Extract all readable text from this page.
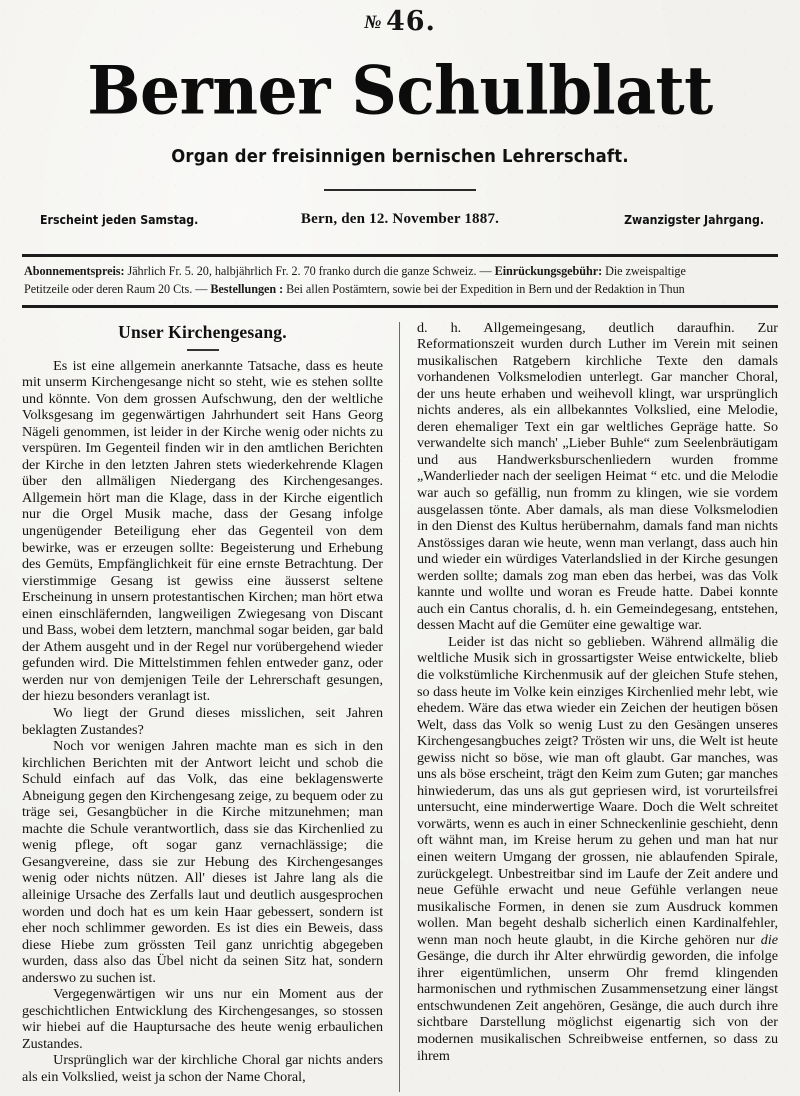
№ 46.
Berner Schulblatt
Organ der freisinnigen bernischen Lehrerschaft.
Erscheint jeden Samstag.	Bern, den 12. November 1887.	Zwanzigster Jahrgang.
Abonnementspreis: Jährlich Fr. 5. 20, halbjährlich Fr. 2. 70 franko durch die ganze Schweiz. — Einrückungsgebühr: Die zweispaltige
Petitzeile oder deren Raum 20 Cts. — Bestellungen : Bei allen Postämtern, sowie bei der Expedition in Bern und der Redaktion in Thun
Unser Kirchengesang.

Es ist eine allgemein anerkannte Tatsache, dass es heute mit unserm Kirchengesange nicht so steht, wie es stehen sollte und könnte. Von dem grossen Aufschwung, den der weltliche Volksgesang im gegenwärtigen Jahrhundert seit Hans Georg Nägeli genommen, ist leider in der Kirche wenig oder nichts zu verspüren. Im Gegenteil finden wir in den amtlichen Berichten der Kirche in den letzten Jahren stets wiederkehrende Klagen über den allmäligen Niedergang des Kirchengesanges. Allgemein hört man die Klage, dass in der Kirche eigentlich nur die Orgel Musik mache, dass der Gesang infolge ungenügender Beteiligung eher das Gegenteil von dem bewirke, was er erzeugen sollte: Begeisterung und Erhebung des Gemüts, Empfänglichkeit für eine ernste Betrachtung. Der vierstimmige Gesang ist gewiss eine äusserst seltene Erscheinung in unsern protestantischen Kirchen; man hört etwa einen einschläfernden, langweiligen Zwiegesang von Discant und Bass, wobei dem letztern, manchmal sogar beiden, gar bald der Athem ausgeht und in der Regel nur vorübergehend wieder gefunden wird. Die Mittelstimmen fehlen entweder ganz, oder werden nur von demjenigen Teile der Lehrerschaft gesungen, der hiezu besonders veranlagt ist.

Wo liegt der Grund dieses misslichen, seit Jahren beklagten Zustandes?

Noch vor wenigen Jahren machte man es sich in den kirchlichen Berichten mit der Antwort leicht und schob die Schuld einfach auf das Volk, das eine beklagenswerte Abneigung gegen den Kirchengesang zeige, zu bequem oder zu träge sei, Gesangbücher in die Kirche mitzunehmen; man machte die Schule verantwortlich, dass sie das Kirchenlied zu wenig pflege, oft sogar ganz vernachlässige; die Gesangvereine, dass sie zur Hebung des Kirchengesanges wenig oder nichts nützen. All' dieses ist Jahre lang als die alleinige Ursache des Zerfalls laut und deutlich ausgesprochen worden und doch hat es um kein Haar gebessert, sondern ist eher noch schlimmer geworden. Es ist dies ein Beweis, dass diese Hiebe zum grössten Teil ganz unrichtig abgegeben wurden, dass also das Übel nicht da seinen Sitz hat, sondern anderswo zu suchen ist.

Vergegenwärtigen wir uns nur ein Moment aus der geschichtlichen Entwicklung des Kirchengesanges, so stossen wir hiebei auf die Hauptursache des heute wenig erbaulichen Zustandes.

Ursprünglich war der kirchliche Choral gar nichts anders als ein Volkslied, weist ja schon der Name Choral,

d. h. Allgemeingesang, deutlich daraufhin. Zur Reformationszeit wurden durch Luther im Verein mit seinen musikalischen Ratgebern kirchliche Texte den damals vorhandenen Volksmelodien unterlegt. Gar mancher Choral, der uns heute erhaben und weihevoll klingt, war ursprünglich nichts anderes, als ein allbekanntes Volkslied, eine Melodie, deren ehemaliger Text ein gar weltliches Gepräge hatte. So verwandelte sich manch' „Lieber Buhle“ zum Seelenbräutigam und aus Handwerksburschenliedern wurden fromme „Wanderlieder nach der seeligen Heimat “ etc. und die Melodie war auch so gefällig, nun fromm zu klingen, wie sie vordem ausgelassen tönte. Aber damals, als man diese Volksmelodien in den Dienst des Kultus herübernahm, damals fand man nichts Anstössiges daran wie heute, wenn man verlangt, dass auch hin und wieder ein würdiges Vaterlandslied in der Kirche gesungen werden sollte; damals zog man eben das herbei, was das Volk kannte und wollte und woran es Freude hatte. Dabei konnte auch ein Cantus choralis, d. h. ein Gemeindegesang, entstehen, dessen Macht auf die Gemüter eine gewaltige war.

Leider ist das nicht so geblieben. Während allmälig die weltliche Musik sich in grossartigster Weise entwickelte, blieb die volkstümliche Kirchenmusik auf der gleichen Stufe stehen, so dass heute im Volke kein einziges Kirchenlied mehr lebt, wie ehedem. Wäre das etwa wieder ein Zeichen der heutigen bösen Welt, dass das Volk so wenig Lust zu den Gesängen unseres Kirchengesangbuches zeigt? Trösten wir uns, die Welt ist heute gewiss nicht so böse, wie man oft glaubt. Gar manches, was uns als böse erscheint, trägt den Keim zum Guten; gar manches hinwiederum, das uns als gut gepriesen wird, ist vorurteilsfrei untersucht, eine minderwertige Waare. Doch die Welt schreitet vorwärts, wenn es auch in einer Schneckenlinie geschieht, denn oft wähnt man, im Kreise herum zu gehen und man hat nur einen weitern Umgang der grossen, nie ablaufenden Spirale, zurückgelegt. Unbestreitbar sind im Laufe der Zeit andere und neue Gefühle erwacht und neue Gefühle verlangen neue musikalische Formen, in denen sie zum Ausdruck kommen wollen. Man begeht deshalb sicherlich einen Kardinalfehler, wenn man noch heute glaubt, in die Kirche gehören nur die Gesänge, die durch ihr Alter ehrwürdig geworden, die infolge ihrer eigentümlichen, unserm Ohr fremd klingenden harmonischen und rythmischen Zusammensetzung einer längst entschwundenen Zeit angehören, Gesänge, die auch durch ihre sichtbare Darstellung möglichst eigenartig sich von der modernen musikalischen Schreibweise entfernen, so dass zu ihrem
